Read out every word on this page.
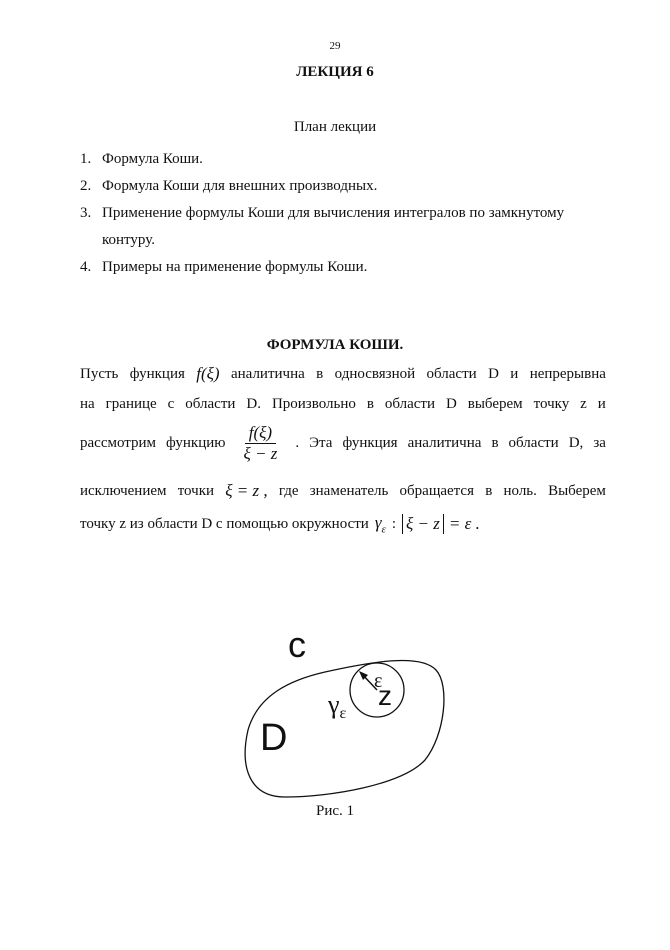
29
ЛЕКЦИЯ 6
План лекции
1. Формула Коши.
2. Формула Коши для внешних производных.
3. Применение формулы Коши для вычисления интегралов по замкнутому
контуру.
4. Примеры на применение формулы Коши.
ФОРМУЛА КОШИ.
Пусть функция f(ξ) аналитична в односвязной области D и непрерывна
на границе c области D. Произвольно в области D выберем точку z и
рассмотрим функцию $\frac{f(\xi)}{\xi - z}$ . Эта функция аналитична в области D, за
исключением точки ξ = z , где знаменатель обращается в ноль. Выберем
точку z из области D с помощью окружности $\gamma_\varepsilon$ : ξ − z = ε .
c
D
γε
ε
z
Рис. 1
